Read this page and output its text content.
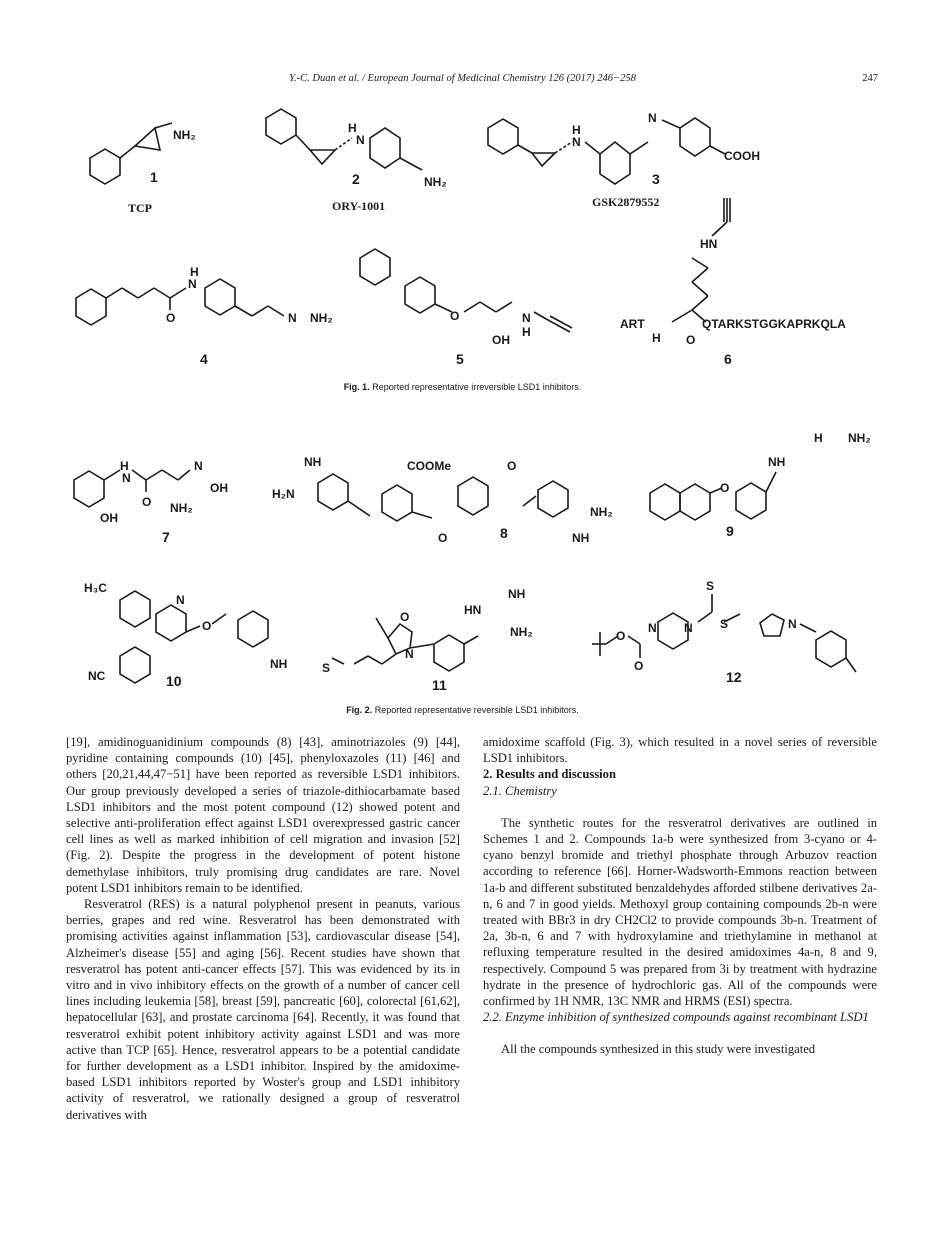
Y.-C. Duan et al. / European Journal of Medicinal Chemistry 126 (2017) 246−258	247
NH₂
1
TCP
H
N
NH₂
2
ORY-1001
H
N
N
COOH
3
GSK2879552
H
N
O	N NH₂
4
O
OH
N
H
5
HN
ART
H O
QTARKSTGGKAPRKQLA
6
Fig. 1. Reported representative irreversible LSD1 inhibitors.
H
N
O
N
OH
NH₂
OH
7
NH
H₂N
COOMe
O
O
NH₂
NH
8
O
NH
H NH₂
9
H₃C
NC
N
O
NH
10
S
O
N
HN
NH
NH₂
11
S
S
N N
O
O
N
12
Fig. 2. Reported representative reversible LSD1 inhibitors.

[19], amidinoguanidinium compounds (8) [43], aminotriazoles (9) [44], pyridine containing compounds (10) [45], phenyloxazoles (11) [46] and others [20,21,44,47−51] have been reported as reversible LSD1 inhibitors. Our group previously developed a series of triazole-dithiocarbamate based LSD1 inhibitors and the most potent compound (12) showed potent and selective anti-proliferation effect against LSD1 overexpressed gastric cancer cell lines as well as marked inhibition of cell migration and invasion [52] (Fig. 2). Despite the progress in the development of potent histone demethylase inhibitors, truly promising drug candidates are rare. Novel potent LSD1 inhibitors remain to be identified.

Resveratrol (RES) is a natural polyphenol present in peanuts, various berries, grapes and red wine. Resveratrol has been demonstrated with promising activities against inflammation [53], cardiovascular disease [54], Alzheimer's disease [55] and aging [56]. Recent studies have shown that resveratrol has potent anti-cancer effects [57]. This was evidenced by its in vitro and in vivo inhibitory effects on the growth of a number of cancer cell lines including leukemia [58], breast [59], pancreatic [60], colorectal [61,62], hepatocellular [63], and prostate carcinoma [64]. Recently, it was found that resveratrol exhibit potent inhibitory activity against LSD1 and was more active than TCP [65]. Hence, resveratrol appears to be a potential candidate for further development as a LSD1 inhibitor. Inspired by the amidoxime-based LSD1 inhibitors reported by Woster's group and LSD1 inhibitory activity of resveratrol, we rationally designed a group of resveratrol derivatives with

amidoxime scaffold (Fig. 3), which resulted in a novel series of reversible LSD1 inhibitors.

2. Results and discussion

2.1. Chemistry

The synthetic routes for the resveratrol derivatives are outlined in Schemes 1 and 2. Compounds 1a-b were synthesized from 3-cyano or 4-cyano benzyl bromide and triethyl phosphate through Arbuzov reaction according to reference [66]. Horner-Wadsworth-Emmons reaction between 1a-b and different substituted benzaldehydes afforded stilbene derivatives 2a-n, 6 and 7 in good yields. Methoxyl group containing compounds 2b-n were treated with BBr3 in dry CH2Cl2 to provide compounds 3b-n. Treatment of 2a, 3b-n, 6 and 7 with hydroxylamine and triethylamine in methanol at refluxing temperature resulted in the desired amidoximes 4a-n, 8 and 9, respectively. Compound 5 was prepared from 3i by treatment with hydrazine hydrate in the presence of hydrochloric gas. All of the compounds were confirmed by 1H NMR, 13C NMR and HRMS (ESI) spectra.

2.2. Enzyme inhibition of synthesized compounds against recombinant LSD1

All the compounds synthesized in this study were investigated
